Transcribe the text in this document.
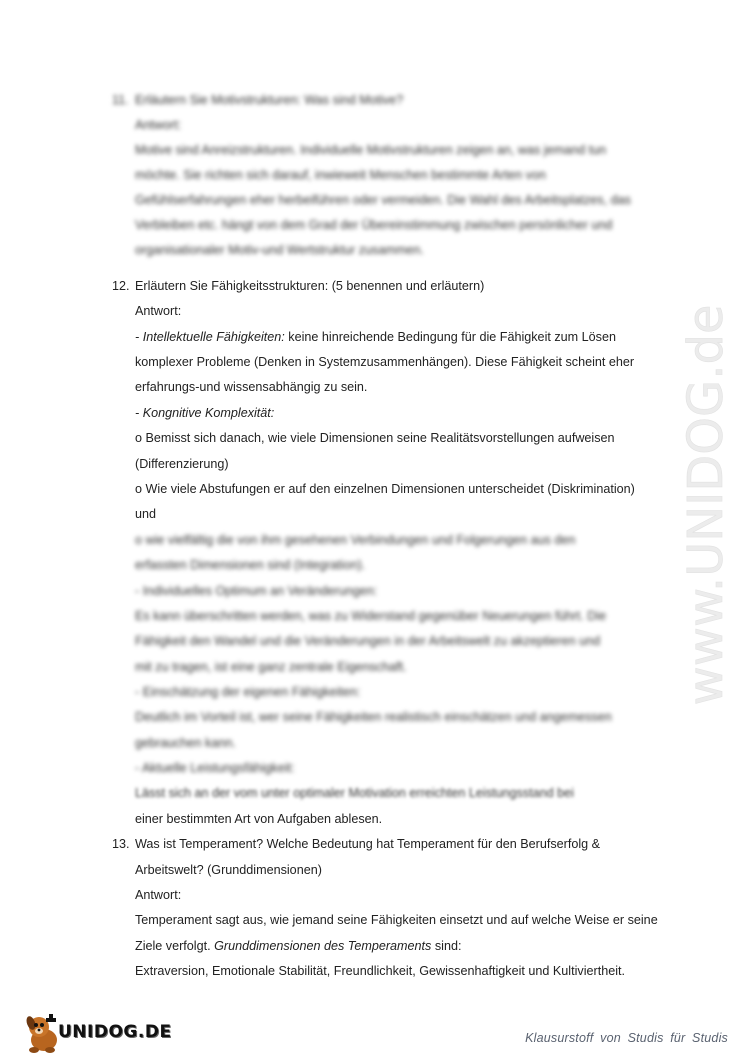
www.UNIDOG.de
11. Erläutern Sie Motivstrukturen: Was sind Motive?
Antwort:
Motive sind Anreizstrukturen. Individuelle Motivstrukturen zeigen an, was jemand tun
möchte. Sie richten sich darauf, inwieweit Menschen bestimmte Arten von
Gefühlserfahrungen eher herbeiführen oder vermeiden. Die Wahl des Arbeitsplatzes, das
Verbleiben etc. hängt von dem Grad der Übereinstimmung zwischen persönlicher und
organisationaler Motiv-und Wertstruktur zusammen.
12. Erläutern Sie Fähigkeitsstrukturen: (5 benennen und erläutern)
Antwort:
- Intellektuelle Fähigkeiten: keine hinreichende Bedingung für die Fähigkeit zum Lösen
komplexer Probleme (Denken in Systemzusammenhängen). Diese Fähigkeit scheint eher
erfahrungs-und wissensabhängig zu sein.
- Kongnitive Komplexität:
o Bemisst sich danach, wie viele Dimensionen seine Realitätsvorstellungen aufweisen
(Differenzierung)
o Wie viele Abstufungen er auf den einzelnen Dimensionen unterscheidet (Diskrimination)
und
o wie vielfältig die von ihm gesehenen Verbindungen und Folgerungen aus den
erfassten Dimensionen sind (Integration).
- Individuelles Optimum an Veränderungen:
Es kann überschritten werden, was zu Widerstand gegenüber Neuerungen führt. Die
Fähigkeit den Wandel und die Veränderungen in der Arbeitswelt zu akzeptieren und
mit zu tragen, ist eine ganz zentrale Eigenschaft.
- Einschätzung der eigenen Fähigkeiten:
Deutlich im Vorteil ist, wer seine Fähigkeiten realistisch einschätzen und angemessen
gebrauchen kann.
- Aktuelle Leistungsfähigkeit:
Lässt sich an der vom unter optimaler Motivation erreichten Leistungsstand bei
einer bestimmten Art von Aufgaben ablesen.
13. Was ist Temperament? Welche Bedeutung hat Temperament für den Berufserfolg &
Arbeitswelt? (Grunddimensionen)
Antwort:
Temperament sagt aus, wie jemand seine Fähigkeiten einsetzt und auf welche Weise er seine
Ziele verfolgt. Grunddimensionen des Temperaments sind:
Extraversion, Emotionale Stabilität, Freundlichkeit, Gewissenhaftigkeit und Kultiviertheit.
UNIDOG.DE	Klausurstoff von Studis für Studis
